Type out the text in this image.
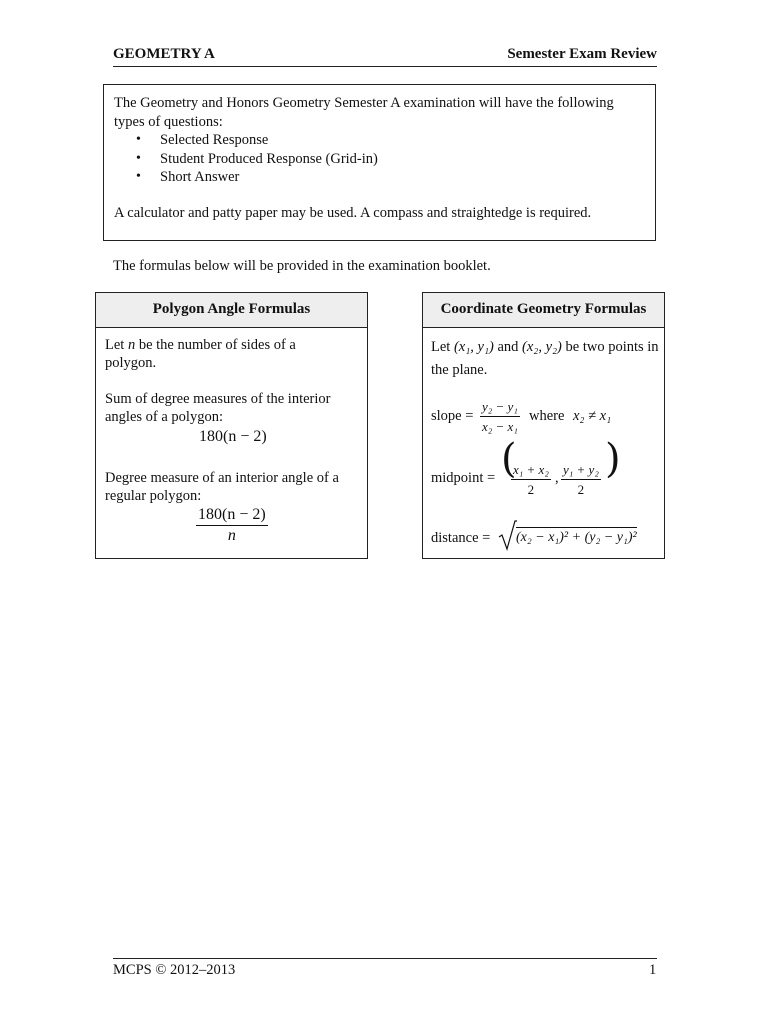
GEOMETRY A	Semester Exam Review
The Geometry and Honors Geometry Semester A examination will have the following types of questions:
• Selected Response
• Student Produced Response (Grid-in)
• Short Answer
A calculator and patty paper may be used. A compass and straightedge is required.
The formulas below will be provided in the examination booklet.
Polygon Angle Formulas
Let n be the number of sides of a polygon.
Sum of degree measures of the interior angles of a polygon:
180(n − 2)
Degree measure of an interior angle of a regular polygon:
$\frac{180(n - 2)}{n}$
Coordinate Geometry Formulas
Let (x₁, y₁) and (x₂, y₂) be two points in
the plane.
slope = $\frac{\text{y₂ − y₁}}{\text{x₂ − x₁}}$ where x₂ ≠ x₁
midpoint = (
$\frac{\text{x₁ + x₂}}{2}$ , $\frac{\text{y₁ + y₂}}{2}$ )
distance = (x₂ − x₁)² + (y₂ − y₁)²
MCPS © 2012–2013	1
